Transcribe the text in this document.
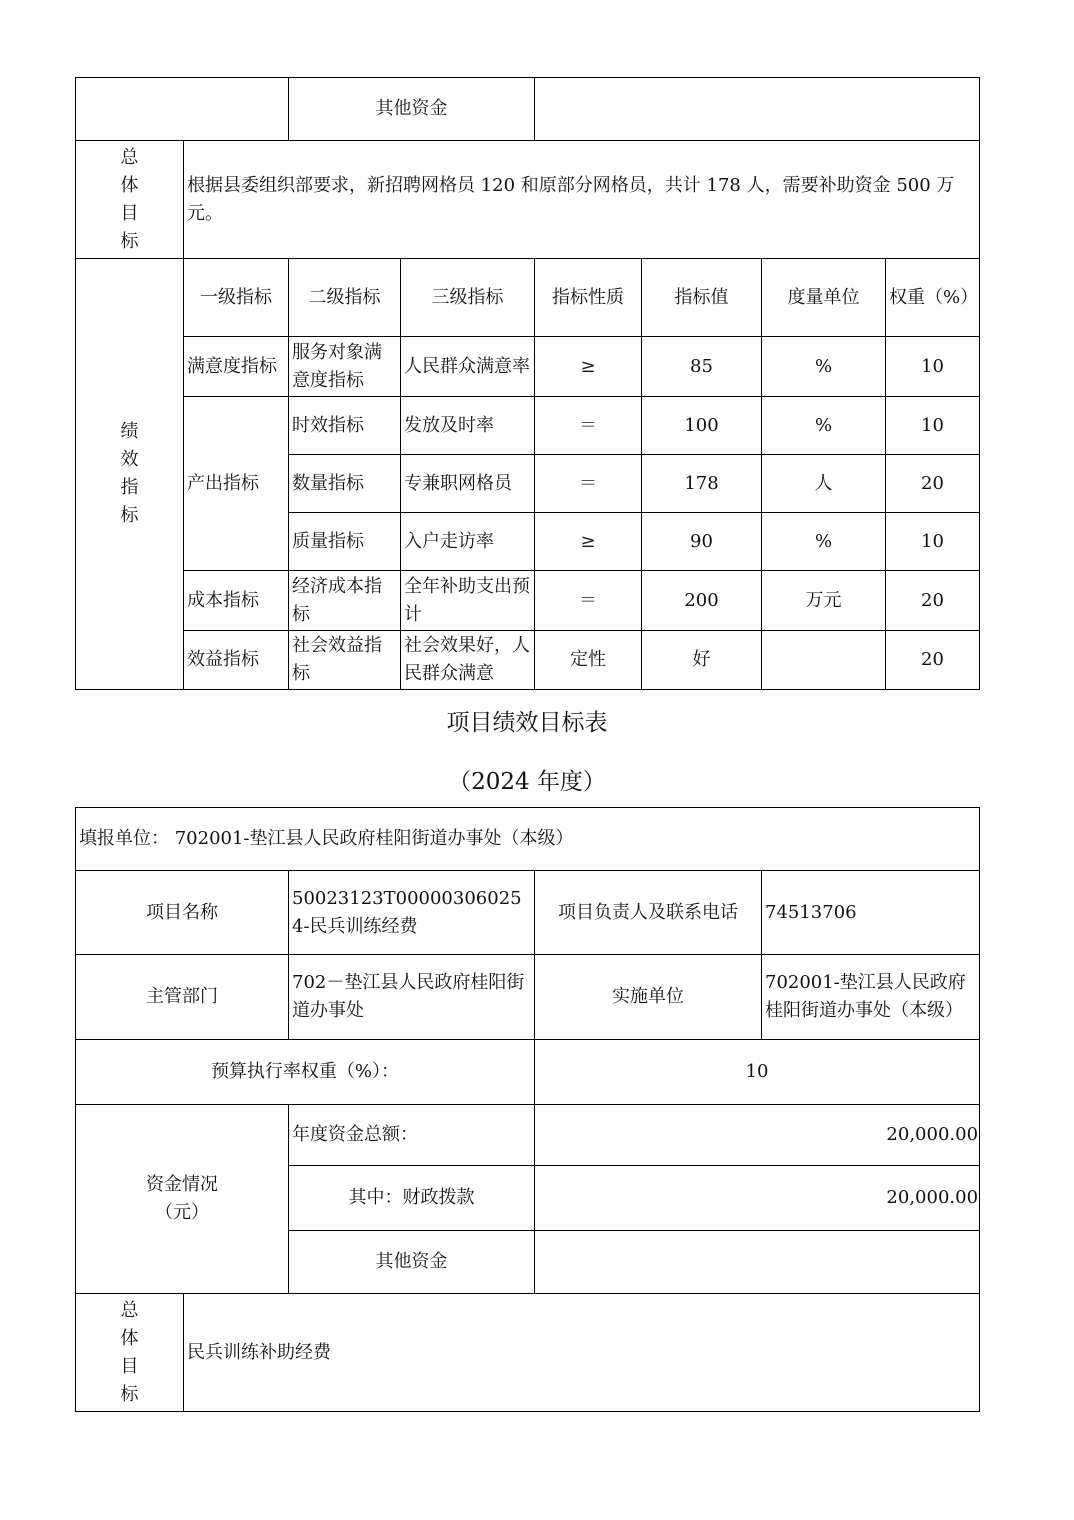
		其他资金					

总
体
目
标	根据县委组织部要求，新招聘网格员 120 和原部分网格员，共计 178 人，需要补助资金 500 万元。						

绩
效
指
标	一级指标	二级指标	三级指标	指标性质	指标值	度量单位	权重（%）
	满意度指标	服务对象满意度指标	人民群众满意率	≥	85	%	10
	产出指标	时效指标	发放及时率	＝	100	%	10
		数量指标	专兼职网格员	＝	178	人	20
		质量指标	入户走访率	≥	90	%	10
	成本指标	经济成本指标	全年补助支出预计	＝	200	万元	20
	效益指标	社会效益指标	社会效果好，人民群众满意	定性	好		20
项目绩效目标表
（2024 年度）
填报单位： 702001-垫江县人民政府桂阳街道办事处（本级）				
项目名称		50023123T000003060254-民兵训练经费	项目负责人及联系电话	74513706
主管部门		702－垫江县人民政府桂阳街道办事处	实施单位	702001-垫江县人民政府桂阳街道办事处（本级）
预算执行率权重（%）：			10	
资金情况
（元）		年度资金总额：	20,000.00	
		其中：财政拨款	20,000.00	
		其他资金		

总
体
目
标	民兵训练补助经费			
